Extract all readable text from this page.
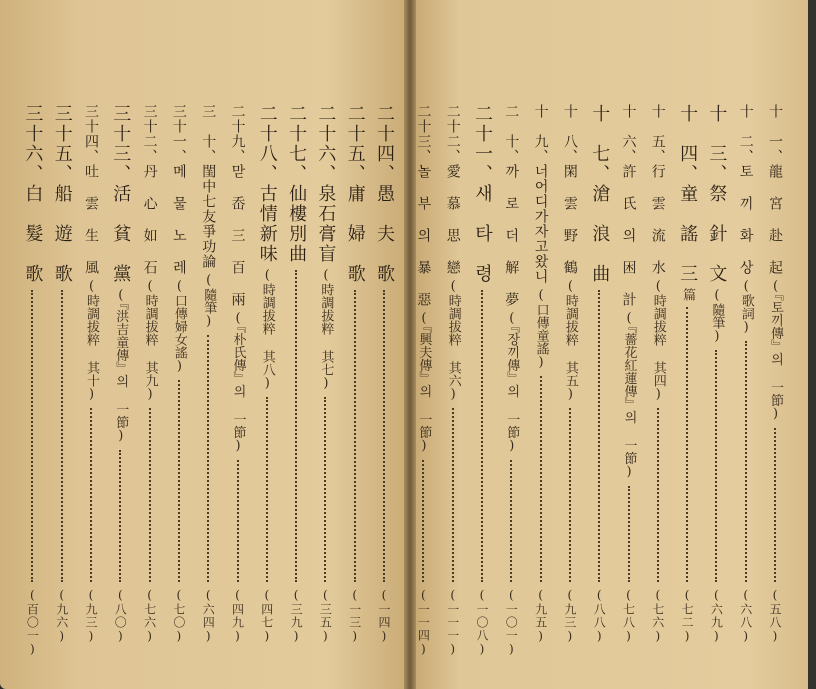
二十四、愚　夫　歌
(一四)
二十五、庸　婦　歌
(一三)
二十六、泉石膏盲
(時調拔粹 其七)
(三五)
二十七、仙樓別曲
(三九)
二十八、古情新味
(時調拔粹 其八)
(四七)
二十九、맏 岙 三 百 兩
(『朴氏傳』의 一節)
(四九)
三　十、閨中七友爭功論
(隨筆)
(六四)
三十一、메 물 노 레
(口傳婦女謠)
(七〇)
三十二、丹 心 如 石
(時調拔粹 其九)
(七六)
三十三、活　貧　黨
(『洪吉童傳』의 一節)
(八〇)
三十四、吐 雲 生 風
(時調拔粹 其十)
(九三)
三十五、船　遊　歌
(九六)
三十六、白　髮　歌
(百〇一)
十　一、龍 宮 赴 起
(『토끼傳』의 一節)
(五八)
十　二、토 끼 화 상
(歌詞)
(六八)
十　三、祭　針　文
(隨筆)
(六九)
十　四、童　謠　三
篇
(七二)
十　五、行 雲 流 水
(時調拔粹 其四)
(七六)
十　六、許 氏 의 困 計
(『薔花紅蓮傳』의 一節)
(七八)
十　七、滄　浪　曲
(八八)
十　八、閑 雲 野 鶴
(時調拔粹 其五)
(九三)
十　九、너어디가자고왔니
(口傳童謠)
(九五)
二　十、까 로 더 解 夢
(『장끼傳』의 一節)
(一〇一)
二十一、새　타　령
(一〇八)
二十二、愛 慕 思 戀
(時調拔粹 其六)
(一一一)
二十三、놀 부 의 暴 惡
(『興夫傳』의 一節)
(一一四)
